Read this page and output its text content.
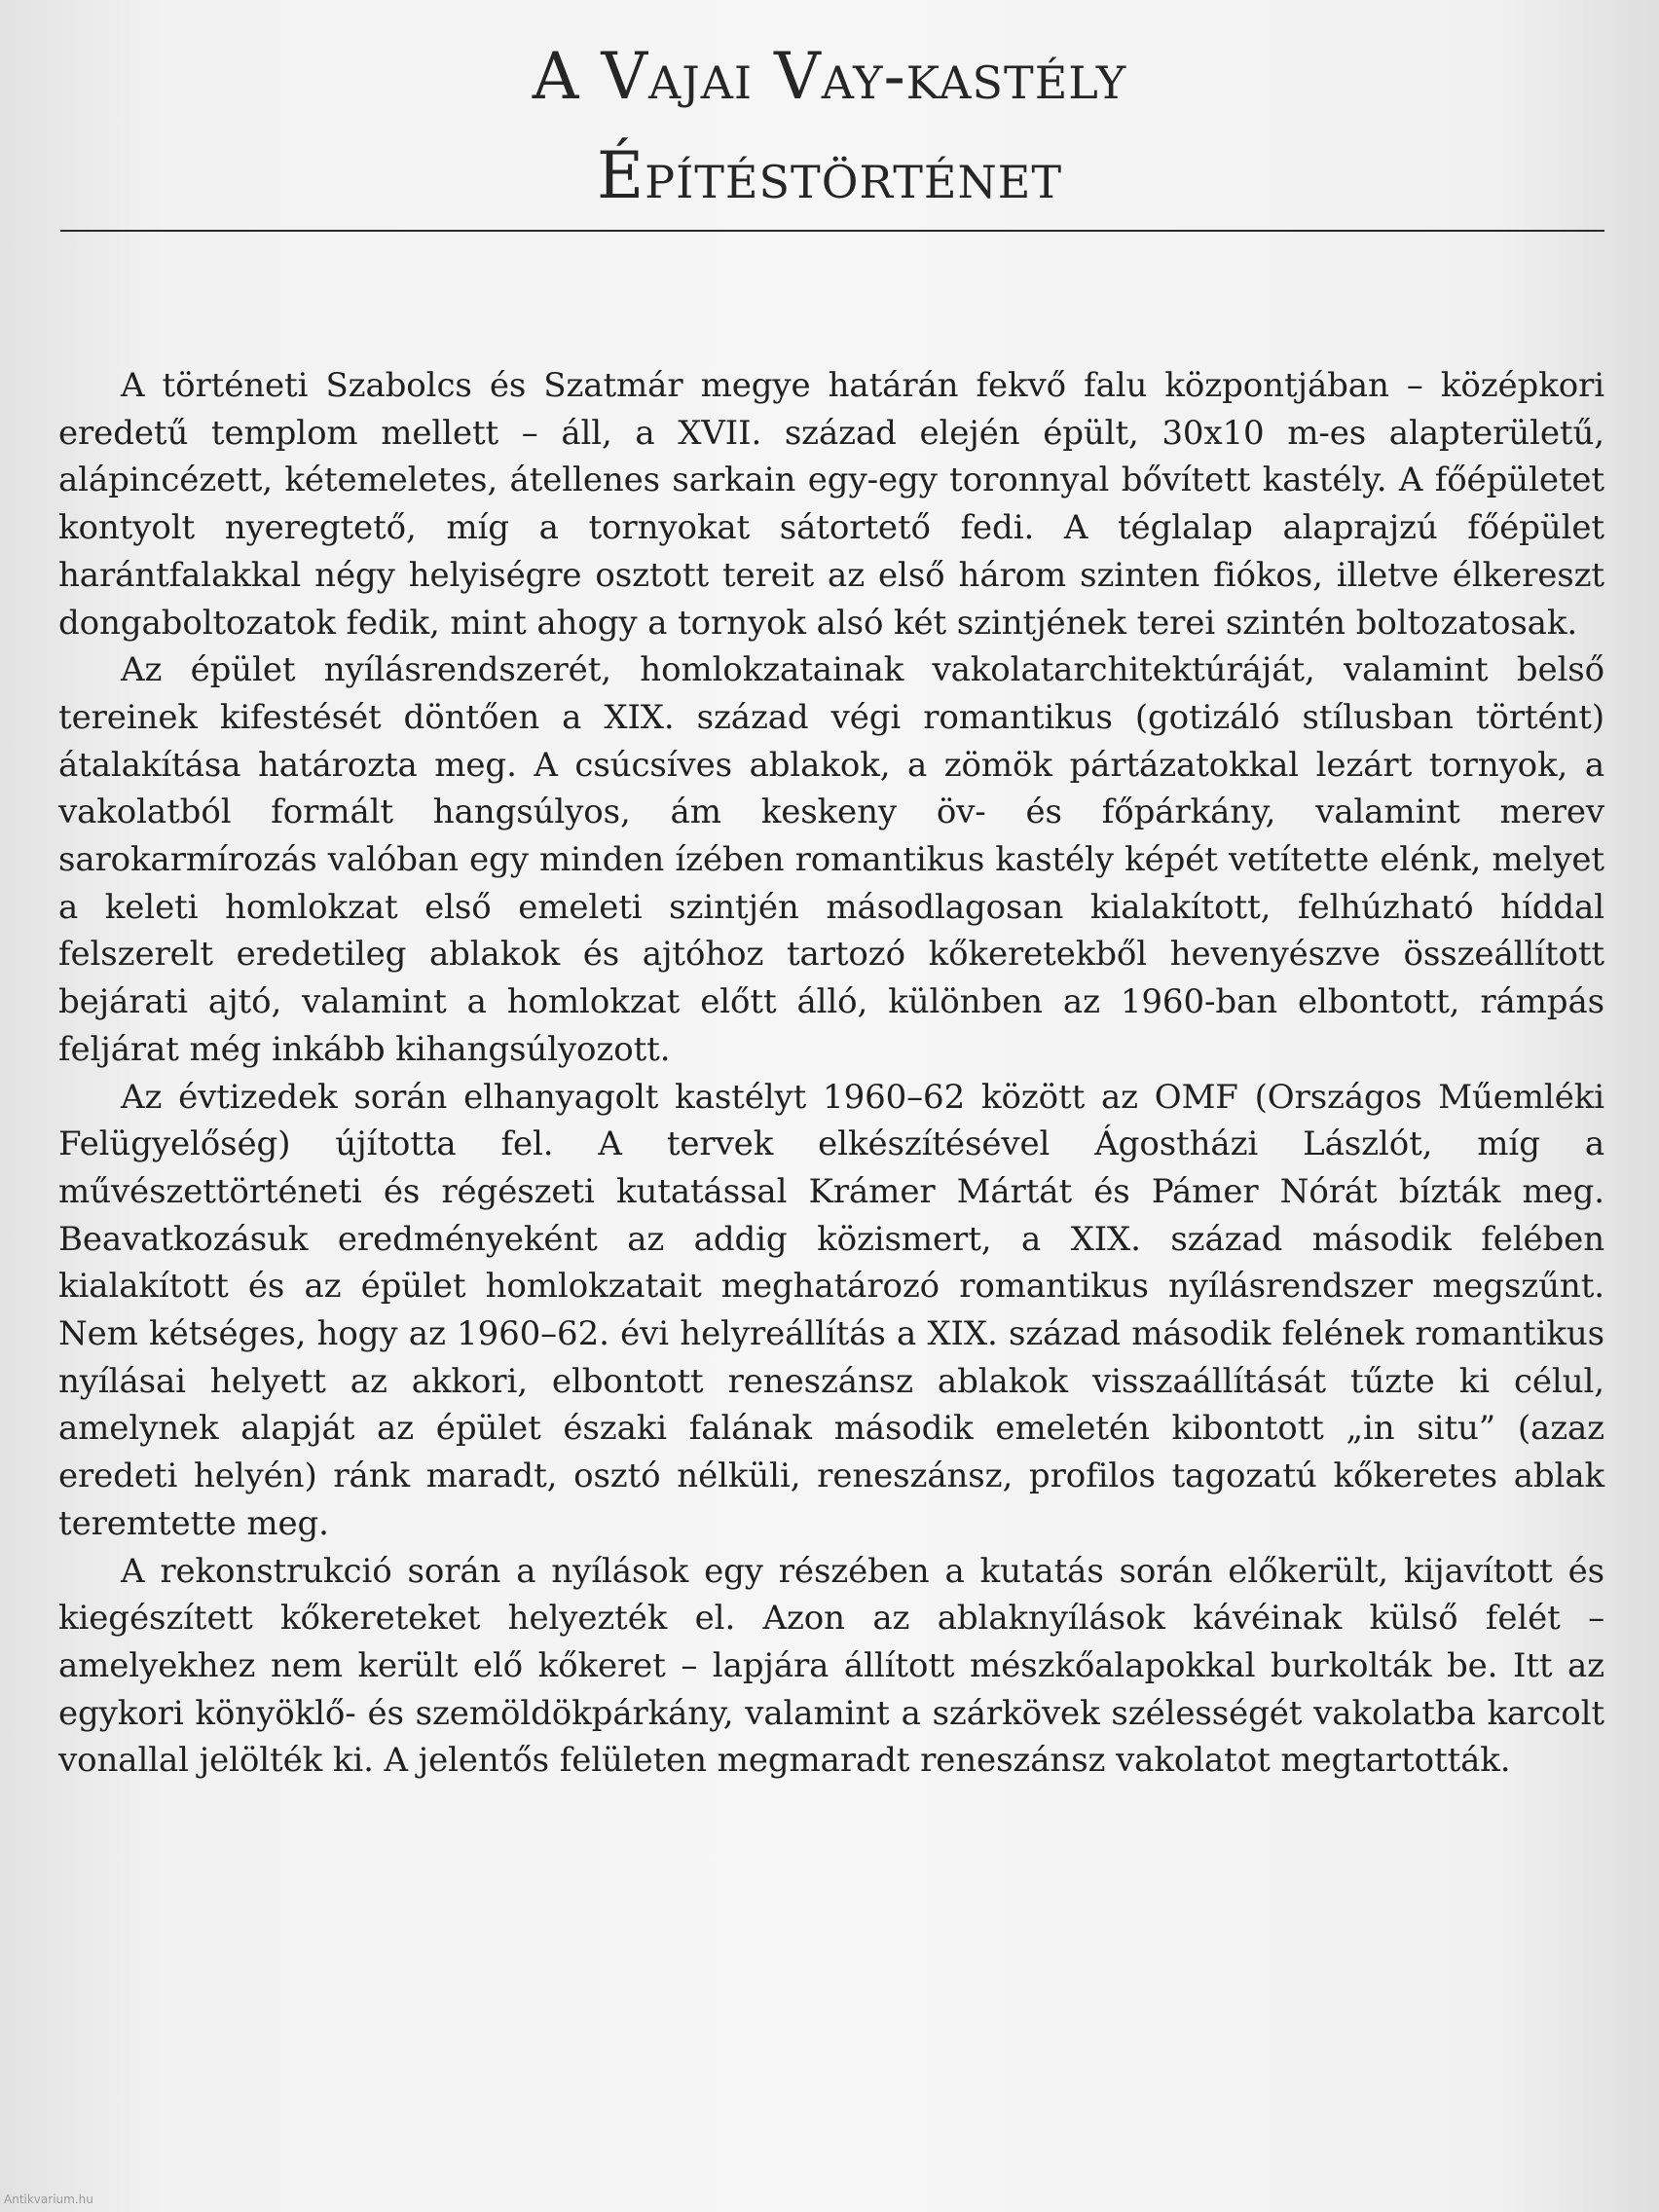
A Vajai Vay-kastély
Építéstörténet

A történeti Szabolcs és Szatmár megye határán fekvő falu központjában – középkori eredetű templom mellett – áll, a XVII. század elején épült, 30x10 m-es alapterületű, alápincézett, kétemeletes, átellenes sarkain egy-egy toronnyal bővített kastély. A főépületet kontyolt nyeregtető, míg a tornyokat sátortető fedi. A téglalap alaprajzú főépület harántfalakkal négy helyiségre osztott tereit az első három szinten fiókos, illetve élkereszt dongaboltozatok fedik, mint ahogy a tornyok alsó két szintjének terei szintén boltozatosak.

Az épület nyílásrendszerét, homlokzatainak vakolatarchitektúráját, valamint belső tereinek kifestését döntően a XIX. század végi romantikus (gotizáló stílusban történt) átalakítása határozta meg. A csúcsíves ablakok, a zömök pártázatokkal lezárt tornyok, a vakolatból formált hangsúlyos, ám keskeny öv- és főpárkány, valamint merev sarokarmírozás valóban egy minden ízében romantikus kastély képét vetítette elénk, melyet a keleti homlokzat első emeleti szintjén másodlagosan kialakított, felhúzható híddal felszerelt eredetileg ablakok és ajtóhoz tartozó kőkeretekből hevenyészve összeállított bejárati ajtó, valamint a homlokzat előtt álló, különben az 1960-ban elbontott, rámpás feljárat még inkább kihangsúlyozott.

Az évtizedek során elhanyagolt kastélyt 1960–62 között az OMF (Országos Műemléki Felügyelőség) újította fel. A tervek elkészítésével Ágostházi Lászlót, míg a művészettörténeti és régészeti kutatással Krámer Mártát és Pámer Nórát bízták meg. Beavatkozásuk eredményeként az addig közismert, a XIX. század második felében kialakított és az épület homlokzatait meghatározó romantikus nyílásrendszer megszűnt. Nem kétséges, hogy az 1960–62. évi helyreállítás a XIX. század második felének romantikus nyílásai helyett az akkori, elbontott reneszánsz ablakok visszaállítását tűzte ki célul, amelynek alapját az épület északi falának második emeletén kibontott „in situ” (azaz eredeti helyén) ránk maradt, osztó nélküli, reneszánsz, profilos tagozatú kőkeretes ablak teremtette meg.

A rekonstrukció során a nyílások egy részében a kutatás során előkerült, kijavított és kiegészített kőkereteket helyezték el. Azon az ablaknyílások kávéinak külső felét – amelyekhez nem került elő kőkeret – lapjára állított mészkőalapokkal burkolták be. Itt az egykori könyöklő- és szemöldökpárkány, valamint a szárkövek szélességét vakolatba karcolt vonallal jelölték ki. A jelentős felületen megmaradt reneszánsz vakolatot megtartották.

Antikvarium.hu
